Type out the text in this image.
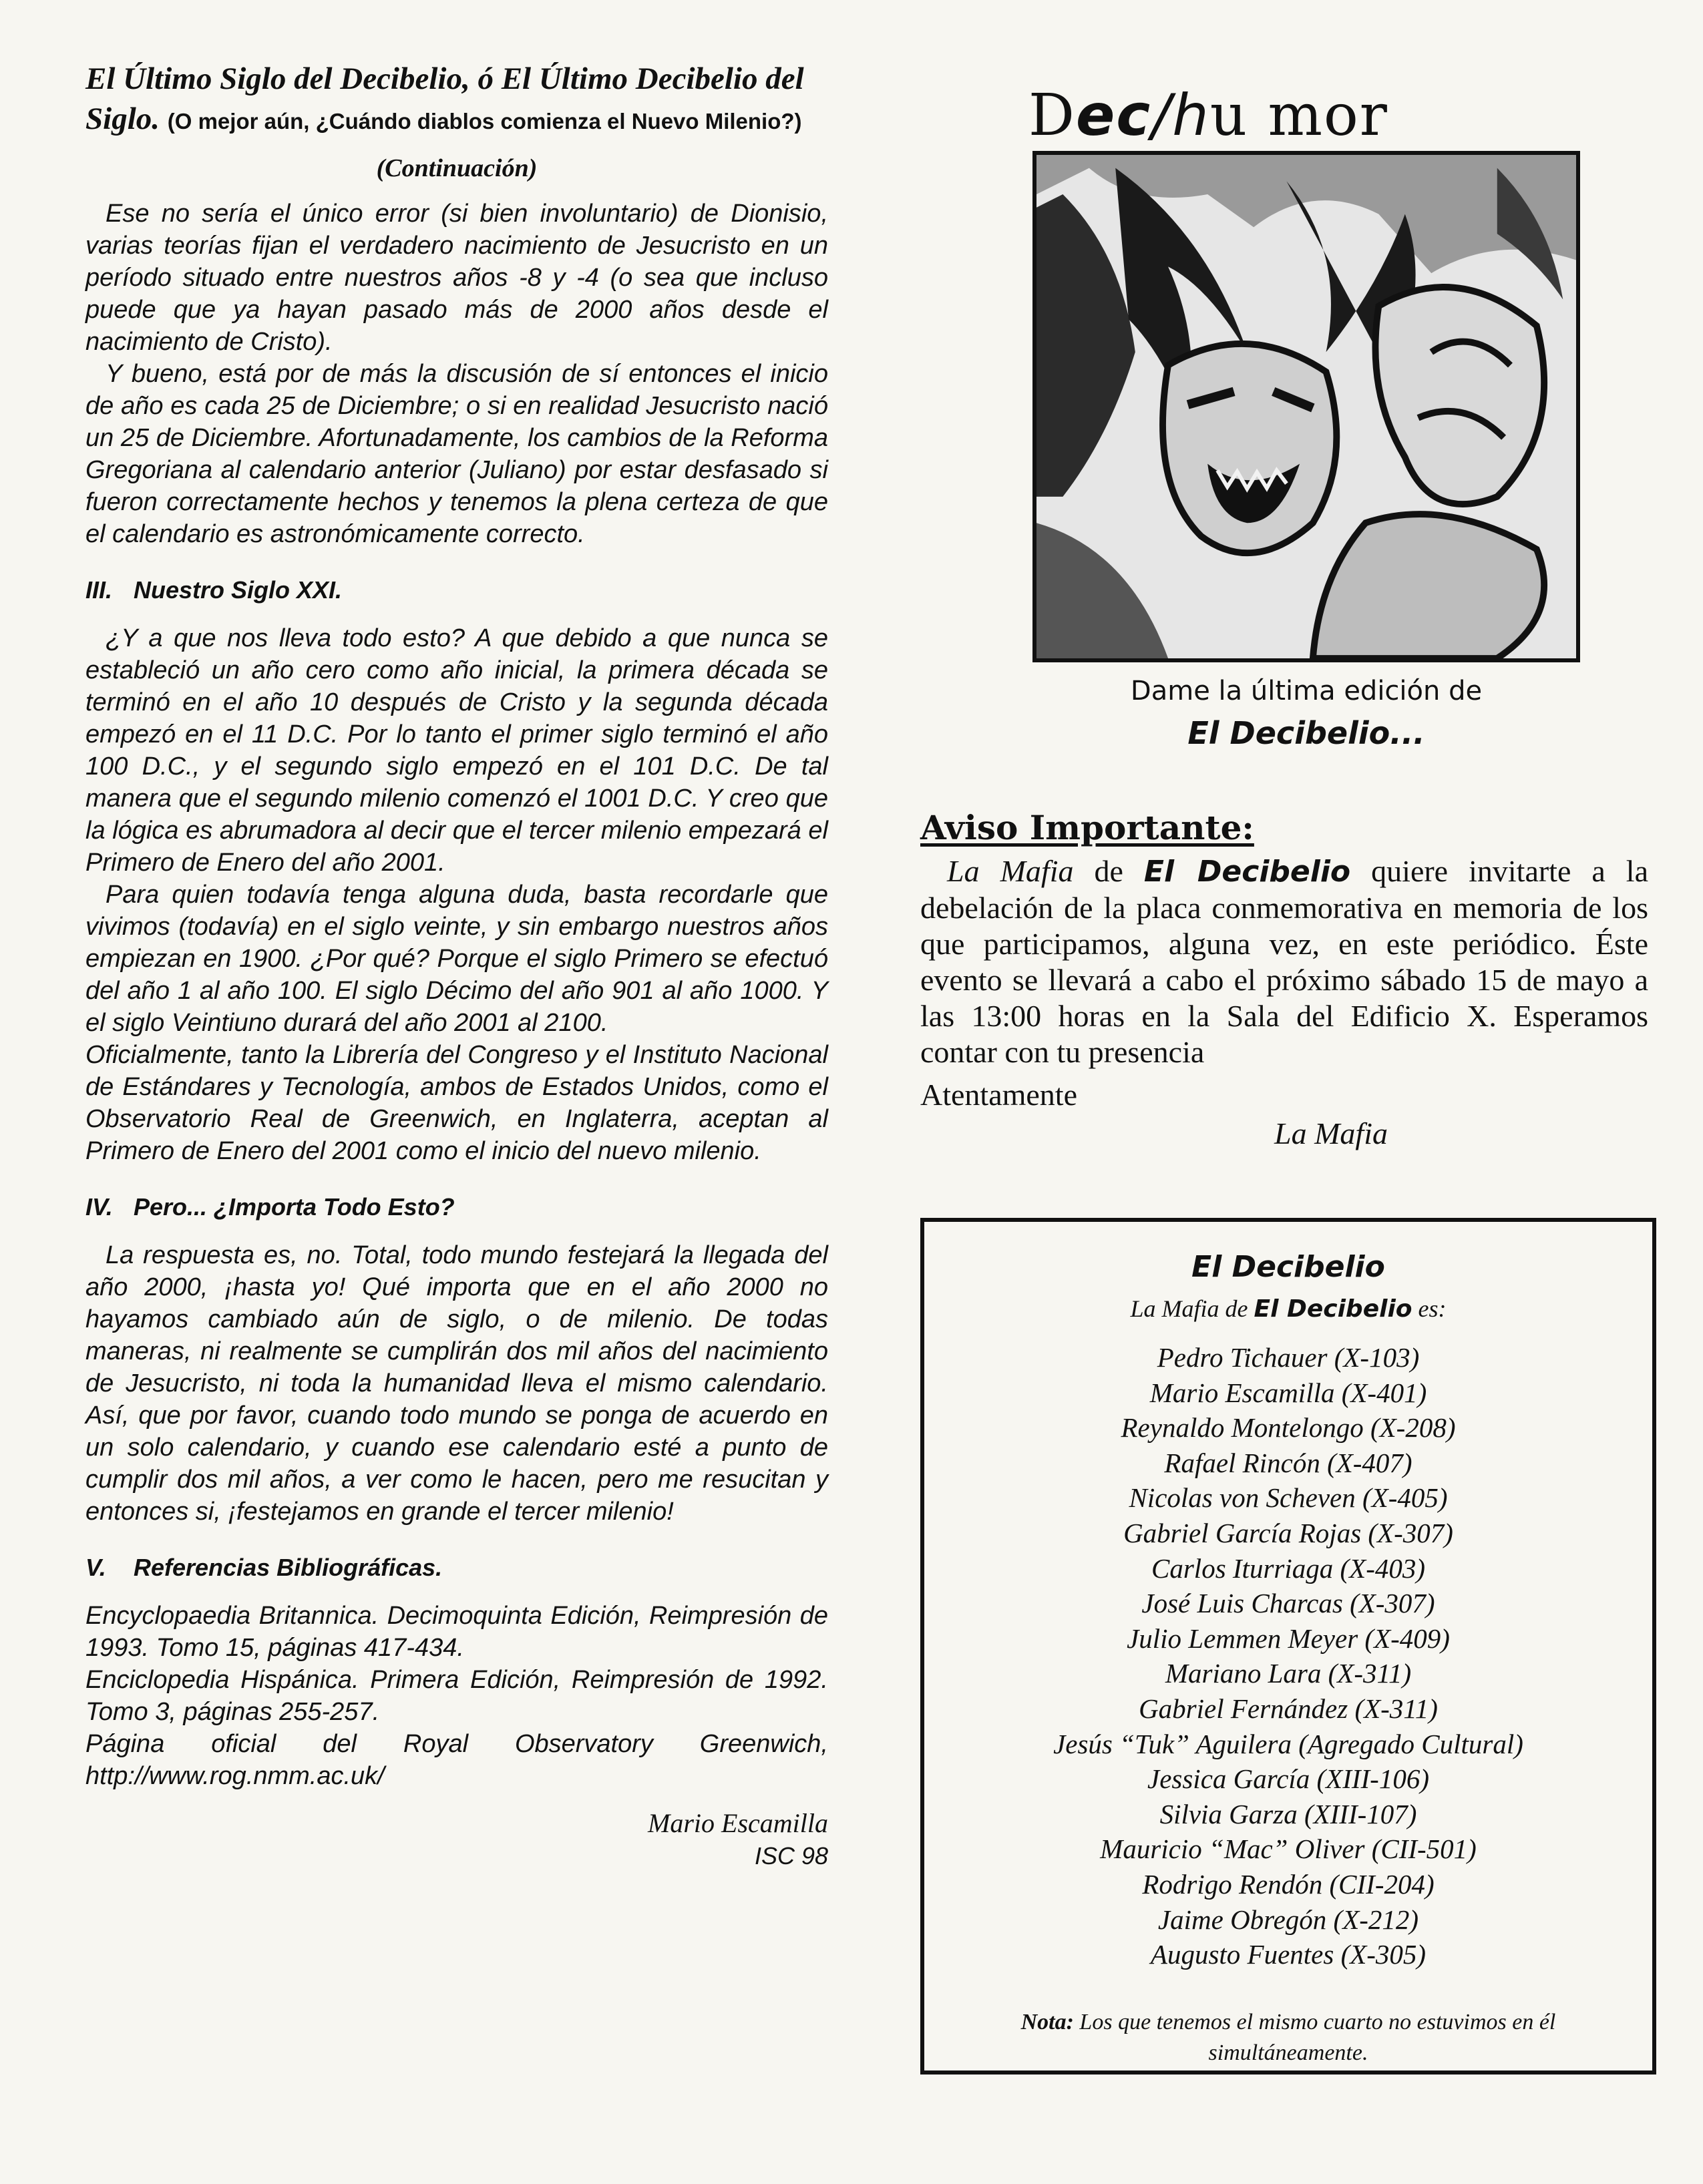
El Último Siglo del Decibelio, ó El Último Decibelio del Siglo. (O mejor aún, ¿Cuándo diablos comienza el Nuevo Milenio?)
(Continuación)

Ese no sería el único error (si bien involuntario) de Dionisio, varias teorías fijan el verdadero nacimiento de Jesucristo en un período situado entre nuestros años -8 y -4 (o sea que incluso puede que ya hayan pasado más de 2000 años desde el nacimiento de Cristo).

Y bueno, está por de más la discusión de sí entonces el inicio de año es cada 25 de Diciembre; o si en realidad Jesucristo nació un 25 de Diciembre. Afortunadamente, los cambios de la Reforma Gregoriana al calendario anterior (Juliano) por estar desfasado si fueron correctamente hechos y tenemos la plena certeza de que el calendario es astronómicamente correcto.

III. Nuestro Siglo XXI.

¿Y a que nos lleva todo esto? A que debido a que nunca se estableció un año cero como año inicial, la primera década se terminó en el año 10 después de Cristo y la segunda década empezó en el 11 D.C. Por lo tanto el primer siglo terminó el año 100 D.C., y el segundo siglo empezó en el 101 D.C. De tal manera que el segundo milenio comenzó el 1001 D.C. Y creo que la lógica es abrumadora al decir que el tercer milenio empezará el Primero de Enero del año 2001.

Para quien todavía tenga alguna duda, basta recordarle que vivimos (todavía) en el siglo veinte, y sin embargo nuestros años empiezan en 1900. ¿Por qué? Porque el siglo Primero se efectuó del año 1 al año 100. El siglo Décimo del año 901 al año 1000. Y el siglo Veintiuno durará del año 2001 al 2100.

Oficialmente, tanto la Librería del Congreso y el Instituto Nacional de Estándares y Tecnología, ambos de Estados Unidos, como el Observatorio Real de Greenwich, en Inglaterra, aceptan al Primero de Enero del 2001 como el inicio del nuevo milenio.

IV. Pero... ¿Importa Todo Esto?

La respuesta es, no. Total, todo mundo festejará la llegada del año 2000, ¡hasta yo! Qué importa que en el año 2000 no hayamos cambiado aún de siglo, o de milenio. De todas maneras, ni realmente se cumplirán dos mil años del nacimiento de Jesucristo, ni toda la humanidad lleva el mismo calendario. Así, que por favor, cuando todo mundo se ponga de acuerdo en un solo calendario, y cuando ese calendario esté a punto de cumplir dos mil años, a ver como le hacen, pero me resucitan y entonces si, ¡festejamos en grande el tercer milenio!

V. Referencias Bibliográficas.

Encyclopaedia Britannica. Decimoquinta Edición, Reimpresión de 1993. Tomo 15, páginas 417-434.

Enciclopedia Hispánica. Primera Edición, Reimpresión de 1992. Tomo 3, páginas 255-257.

Página oficial del Royal Observatory Greenwich, http://www.rog.nmm.ac.uk/

Mario Escamilla
ISC 98
Dec/hu mor
Dame la última edición de
El Decibelio...
Aviso Importante:

La Mafia de El Decibelio quiere invitarte a la debelación de la placa conmemorativa en memoria de los que participamos, alguna vez, en este periódico. Éste evento se llevará a cabo el próximo sábado 15 de mayo a las 13:00 horas en la Sala del Edificio X. Esperamos contar con tu presencia

Atentamente
La Mafia
El Decibelio
La Mafia de El Decibelio es:
Pedro Tichauer (X-103)
Mario Escamilla (X-401)
Reynaldo Montelongo (X-208)
Rafael Rincón (X-407)
Nicolas von Scheven (X-405)
Gabriel García Rojas (X-307)
Carlos Iturriaga (X-403)
José Luis Charcas (X-307)
Julio Lemmen Meyer (X-409)
Mariano Lara (X-311)
Gabriel Fernández (X-311)
Jesús “Tuk” Aguilera (Agregado Cultural)
Jessica García (XIII-106)
Silvia Garza (XIII-107)
Mauricio “Mac” Oliver (CII-501)
Rodrigo Rendón (CII-204)
Jaime Obregón (X-212)
Augusto Fuentes (X-305)
Nota: Los que tenemos el mismo cuarto no estuvimos en él simultáneamente.
